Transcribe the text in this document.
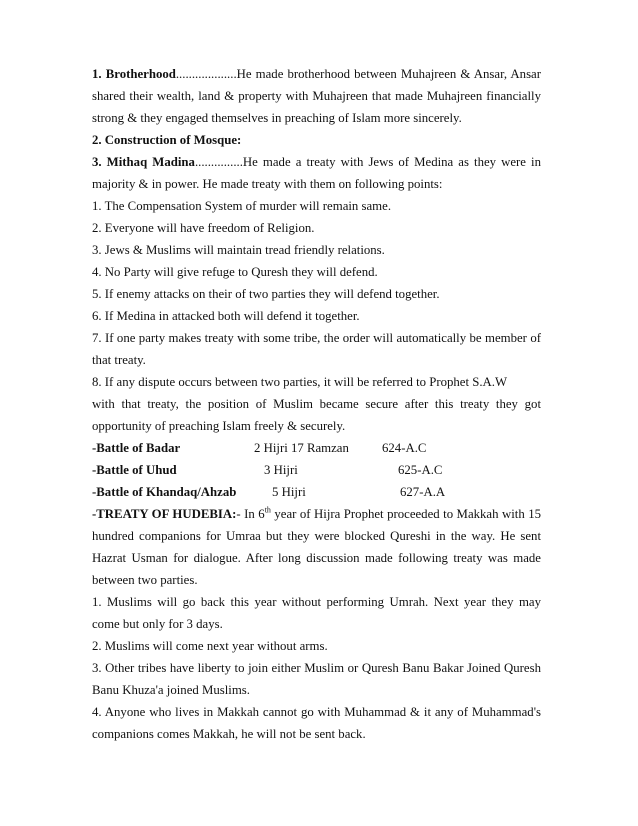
1. Brotherhood...................He made brotherhood between Muhajreen & Ansar, Ansar shared their wealth, land & property with Muhajreen that made Muhajreen financially strong & they engaged themselves in preaching of Islam more sincerely.

2. Construction of Mosque:

3. Mithaq Madina...............He made a treaty with Jews of Medina as they were in majority & in power. He made treaty with them on following points:

1. The Compensation System of murder will remain same.

2. Everyone will have freedom of Religion.

3. Jews & Muslims will maintain tread friendly relations.

4. No Party will give refuge to Quresh they will defend.

5. If enemy attacks on their of two parties they will defend together.

6. If Medina in attacked both will defend it together.

7. If one party makes treaty with some tribe, the order will automatically be member of that treaty.

8. If any dispute occurs between two parties, it will be referred to Prophet S.A.W

with that treaty, the position of Muslim became secure after this treaty they got opportunity of preaching Islam freely & securely.

-Battle of Badar	2 Hijri 17 Ramzan	624-A.C
-Battle of Uhud	3 Hijri	625-A.C
-Battle of Khandaq/Ahzab	5 Hijri	627-A.A

-TREATY OF HUDEBIA:- In 6th year of Hijra Prophet proceeded to Makkah with 15 hundred companions for Umraa but they were blocked Qureshi in the way. He sent Hazrat Usman for dialogue. After long discussion made following treaty was made between two parties.

1. Muslims will go back this year without performing Umrah. Next year they may come but only for 3 days.

2. Muslims will come next year without arms.

3. Other tribes have liberty to join either Muslim or Quresh Banu Bakar Joined Quresh Banu Khuza'a joined Muslims.

4. Anyone who lives in Makkah cannot go with Muhammad & it any of Muhammad's companions comes Makkah, he will not be sent back.
